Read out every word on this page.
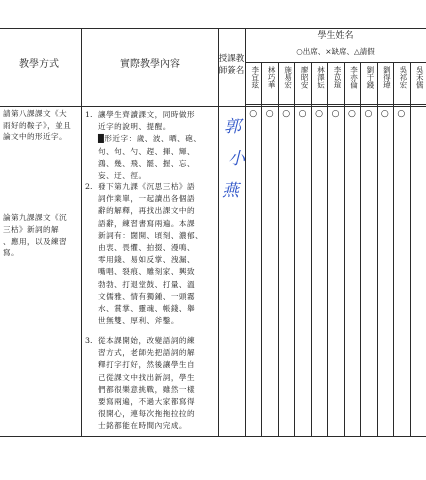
教學方式	實際教學內容	授課教
師簽名
學生姓名
○出席、×缺席、△請假
李宜玹 林巧華 施易宏 廖昭安 林澤妘 李苡瑄 李亦倫 劉于錢 劉得瑋 吳祁宏 吳禾儒
○ ○ ○ ○ ○ ○ ○ ○ ○ ○
請第八課課文《大
雨好的鞍子》，並且
論文中的形近字。
論第九課課文《沉
三枯》新詞的解
、應用，以及練習
寫。
1. 讓學生齊讀課文，同時做形
近字的說明、提醒。
█形近字：歲、波、晒、砲、
句、句、勺、趕、揮、輝、
鴻、幾、飛、罷、握、忘、
妄、迂、徑。
2. 發下第九課《沉思三枯》語
詞作業單，一起讀出各個語
辭的解釋，再找出課文中的
語辭，練習書寫兩遍。本課
新詞有：闊開、頃刻、濃郁、
由衷、畏懼、拍掇、漫鳴、
零用錢、易如反掌、洩漏、
嘴唱、裂痕、雕刻家、興致
勃勃、打退堂鼓、打量、溫
文儒雅、情有獨鍾、一頭霧
水、賞掌、靈魂、帳錢、舉
世無雙、厚利、斧鑿。
3. 從本課開始，改變語詞的練
習方式，老師先把語詞的解
釋打字打好，然後讓學生自
己從課文中找出新詞，學生
們都很樂意挑戰，雖然一樣
要寫兩遍，不過大家都寫得
很開心，連每次拖拖拉拉的
士銘都能在時間內完成。
郭
小
燕
